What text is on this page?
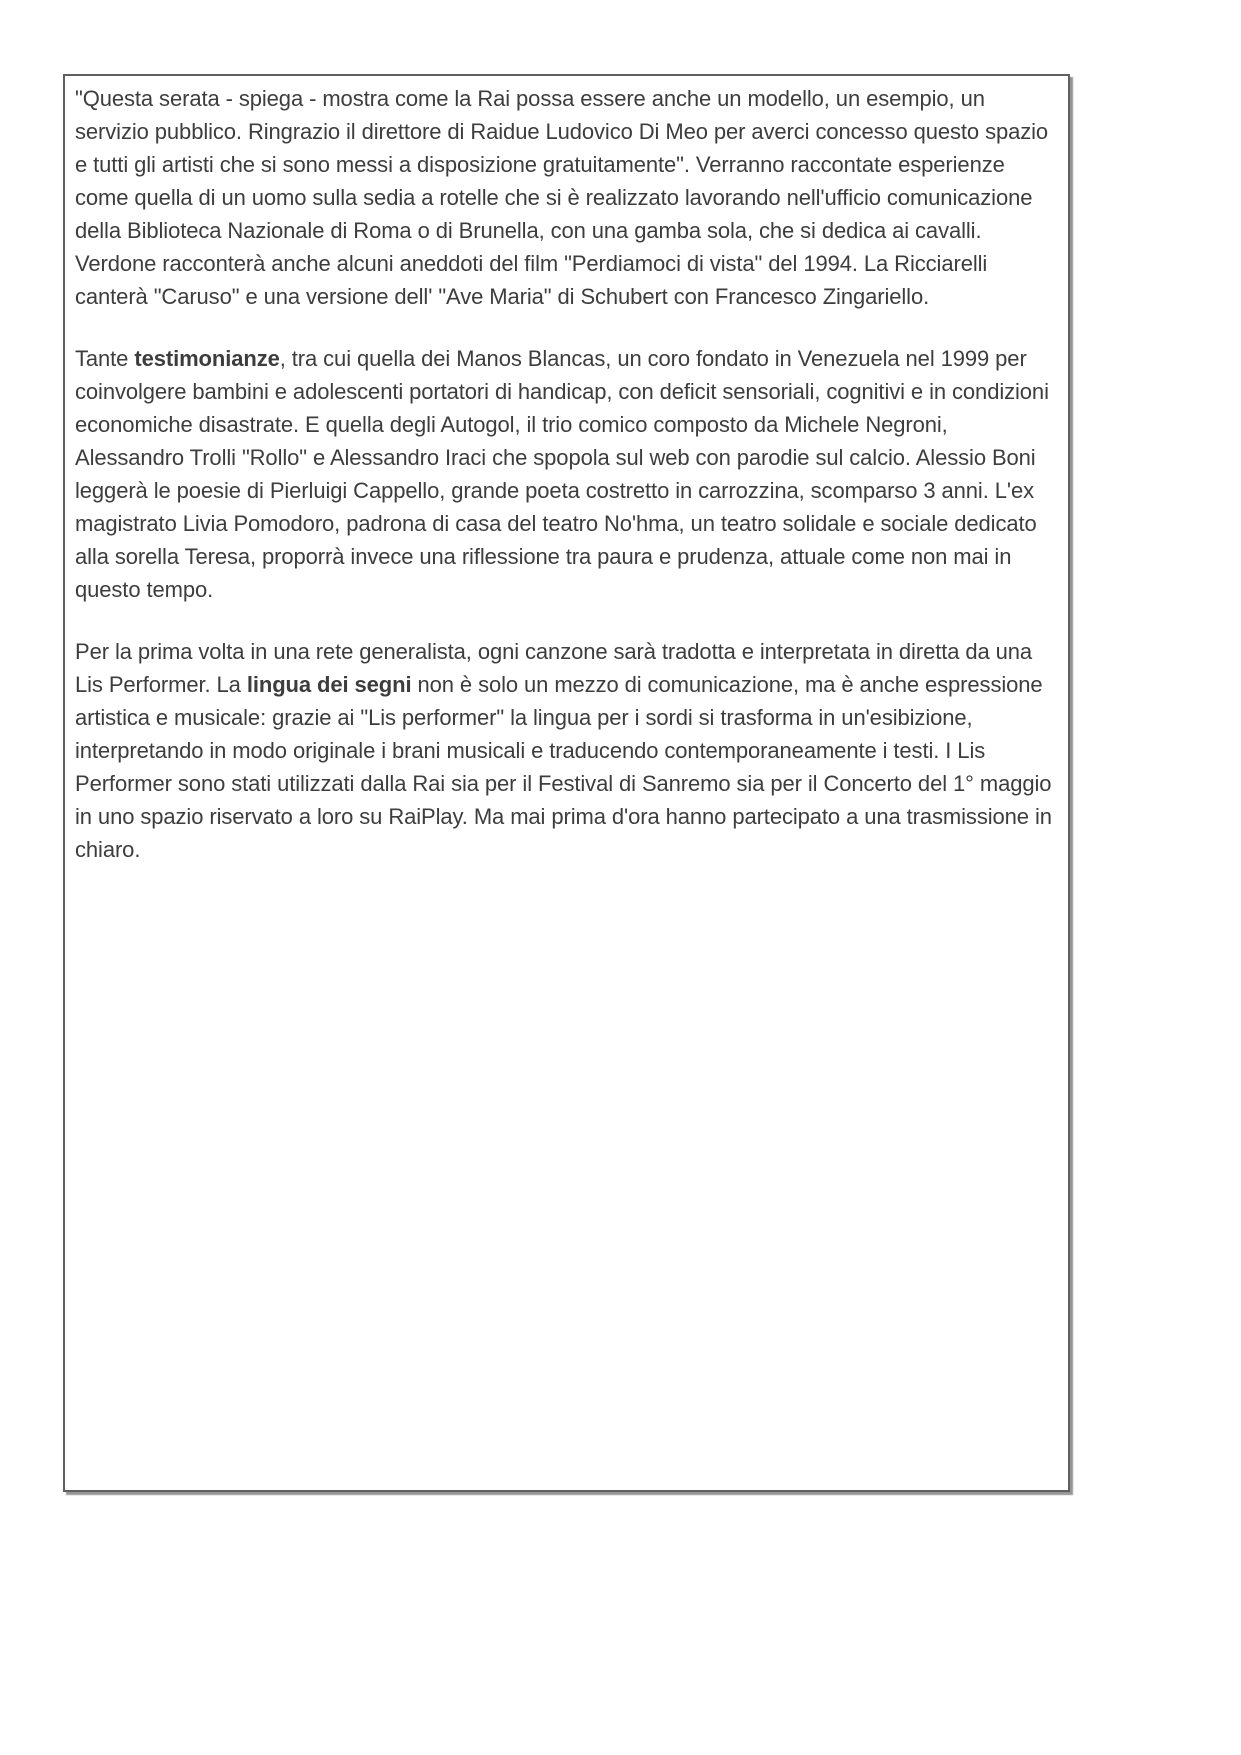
"Questa serata - spiega - mostra come la Rai possa essere anche un modello, un esempio, un servizio pubblico. Ringrazio il direttore di Raidue Ludovico Di Meo per averci concesso questo spazio e tutti gli artisti che si sono messi a disposizione gratuitamente". Verranno raccontate esperienze come quella di un uomo sulla sedia a rotelle che si è realizzato lavorando nell'ufficio comunicazione della Biblioteca Nazionale di Roma o di Brunella, con una gamba sola, che si dedica ai cavalli. Verdone racconterà anche alcuni aneddoti del film "Perdiamoci di vista" del 1994. La Ricciarelli canterà "Caruso" e una versione dell' "Ave Maria" di Schubert con Francesco Zingariello.

Tante testimonianze, tra cui quella dei Manos Blancas, un coro fondato in Venezuela nel 1999 per coinvolgere bambini e adolescenti portatori di handicap, con deficit sensoriali, cognitivi e in condizioni economiche disastrate. E quella degli Autogol, il trio comico composto da Michele Negroni, Alessandro Trolli "Rollo" e Alessandro Iraci che spopola sul web con parodie sul calcio. Alessio Boni leggerà le poesie di Pierluigi Cappello, grande poeta costretto in carrozzina, scomparso 3 anni. L'ex magistrato Livia Pomodoro, padrona di casa del teatro No'hma, un teatro solidale e sociale dedicato alla sorella Teresa, proporrà invece una riflessione tra paura e prudenza, attuale come non mai in questo tempo.

Per la prima volta in una rete generalista, ogni canzone sarà tradotta e interpretata in diretta da una Lis Performer. La lingua dei segni non è solo un mezzo di comunicazione, ma è anche espressione artistica e musicale: grazie ai "Lis performer" la lingua per i sordi si trasforma in un'esibizione, interpretando in modo originale i brani musicali e traducendo contemporaneamente i testi. I Lis Performer sono stati utilizzati dalla Rai sia per il Festival di Sanremo sia per il Concerto del 1° maggio in uno spazio riservato a loro su RaiPlay. Ma mai prima d'ora hanno partecipato a una trasmissione in chiaro.
